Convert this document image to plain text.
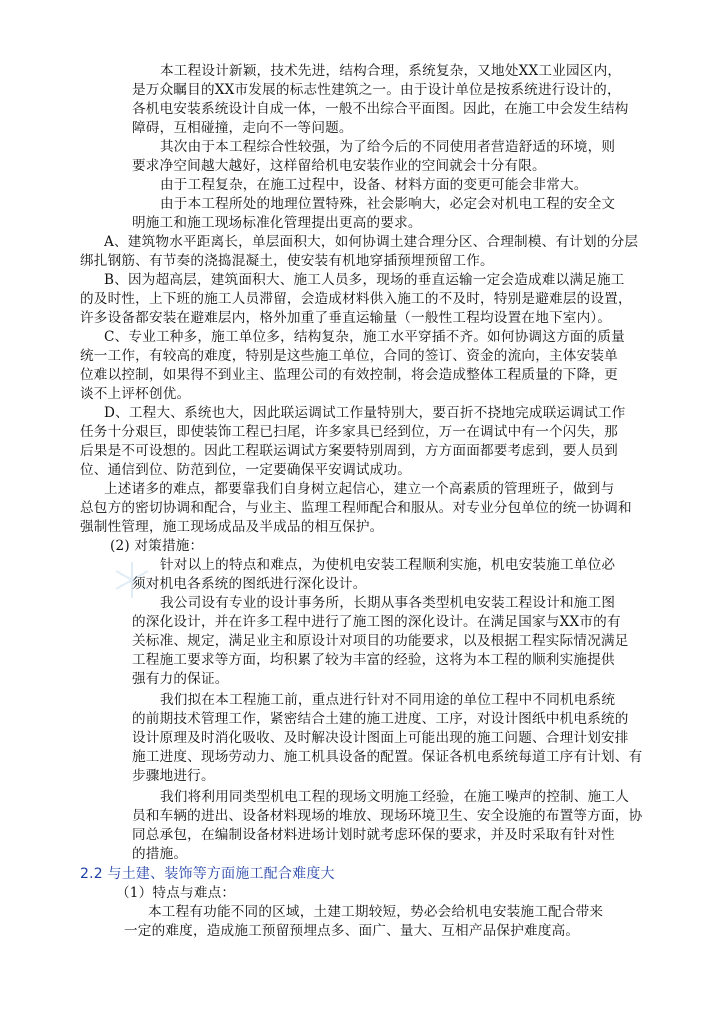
本工程设计新颖，技术先进，结构合理，系统复杂，又地处XX工业园区内，
是万众瞩目的XX市发展的标志性建筑之一。由于设计单位是按系统进行设计的，
各机电安装系统设计自成一体，一般不出综合平面图。因此，在施工中会发生结构
障碍，互相碰撞，走向不一等问题。
其次由于本工程综合性较强，为了给今后的不同使用者营造舒适的环境，则
要求净空间越大越好，这样留给机电安装作业的空间就会十分有限。
由于工程复杂，在施工过程中，设备、材料方面的变更可能会非常大。
由于本工程所处的地理位置特殊，社会影响大，必定会对机电工程的安全文
明施工和施工现场标准化管理提出更高的要求。
A、建筑物水平距离长，单层面积大，如何协调土建合理分区、合理制模、有计划的分层
绑扎钢筋、有节奏的浇捣混凝土，使安装有机地穿插预埋预留工作。
B、因为超高层，建筑面积大、施工人员多，现场的垂直运输一定会造成难以满足施工
的及时性，上下班的施工人员滞留，会造成材料供入施工的不及时，特别是避难层的设置，
许多设备都安装在避难层内，格外加重了垂直运输量（一般性工程均设置在地下室内）。
C、专业工种多，施工单位多，结构复杂，施工水平穿插不齐。如何协调这方面的质量
统一工作，有较高的难度，特别是这些施工单位，合同的签订、资金的流向，主体安装单
位难以控制，如果得不到业主、监理公司的有效控制，将会造成整体工程质量的下降，更
谈不上评杯创优。
D、工程大、系统也大，因此联运调试工作量特别大，要百折不挠地完成联运调试工作
任务十分艰巨，即使装饰工程已扫尾，许多家具已经到位，万一在调试中有一个闪失，那
后果是不可设想的。因此工程联运调试方案要特别周到，方方面面都要考虑到，要人员到
位、通信到位、防范到位，一定要确保平安调试成功。
上述诸多的难点，都要靠我们自身树立起信心，建立一个高素质的管理班子，做到与
总包方的密切协调和配合，与业主、监理工程师配合和服从。对专业分包单位的统一协调和
强制性管理，施工现场成品及半成品的相互保护。
(2) 对策措施：
针对以上的特点和难点，为使机电安装工程顺利实施，机电安装施工单位必
须对机电各系统的图纸进行深化设计。
我公司设有专业的设计事务所，长期从事各类型机电安装工程设计和施工图
的深化设计，并在许多工程中进行了施工图的深化设计。在满足国家与XX市的有
关标准、规定，满足业主和原设计对项目的功能要求，以及根据工程实际情况满足
工程施工要求等方面，均积累了较为丰富的经验，这将为本工程的顺利实施提供
强有力的保证。
我们拟在本工程施工前，重点进行针对不同用途的单位工程中不同机电系统
的前期技术管理工作，紧密结合土建的施工进度、工序，对设计图纸中机电系统的
设计原理及时消化吸收、及时解决设计图面上可能出现的施工问题、合理计划安排
施工进度、现场劳动力、施工机具设备的配置。保证各机电系统每道工序有计划、有
步骤地进行。
我们将利用同类型机电工程的现场文明施工经验，在施工噪声的控制、施工人
员和车辆的进出、设备材料现场的堆放、现场环境卫生、安全设施的布置等方面，协
同总承包，在编制设备材料进场计划时就考虑环保的要求，并及时采取有针对性
的措施。
2.2 与土建、装饰等方面施工配合难度大
（1）特点与难点：
本工程有功能不同的区域，土建工期较短，势必会给机电安装施工配合带来
一定的难度，造成施工预留预埋点多、面广、量大、互相产品保护难度高。
